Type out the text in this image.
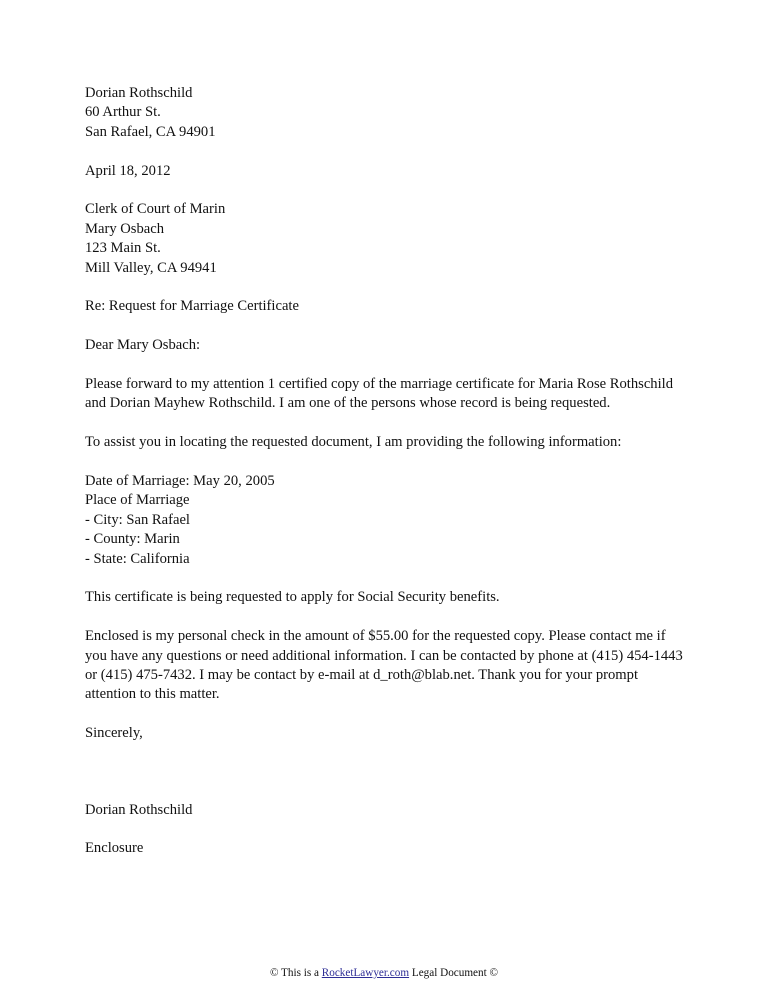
Dorian Rothschild
60 Arthur St.
San Rafael, CA 94901
April 18, 2012
Clerk of Court of Marin
Mary Osbach
123 Main St.
Mill Valley, CA 94941
Re: Request for Marriage Certificate
Dear Mary Osbach:
Please forward to my attention 1 certified copy of the marriage certificate for Maria Rose Rothschild and Dorian Mayhew Rothschild. I am one of the persons whose record is being requested.
To assist you in locating the requested document, I am providing the following information:
Date of Marriage: May 20, 2005
Place of Marriage
- City: San Rafael
- County: Marin
- State: California
This certificate is being requested to apply for Social Security benefits.
Enclosed is my personal check in the amount of $55.00 for the requested copy. Please contact me if you have any questions or need additional information. I can be contacted by phone at (415) 454-1443 or (415) 475-7432. I may be contact by e-mail at d_roth@blab.net. Thank you for your prompt attention to this matter.
Sincerely,
Dorian Rothschild
Enclosure
© This is a RocketLawyer.com Legal Document ©
